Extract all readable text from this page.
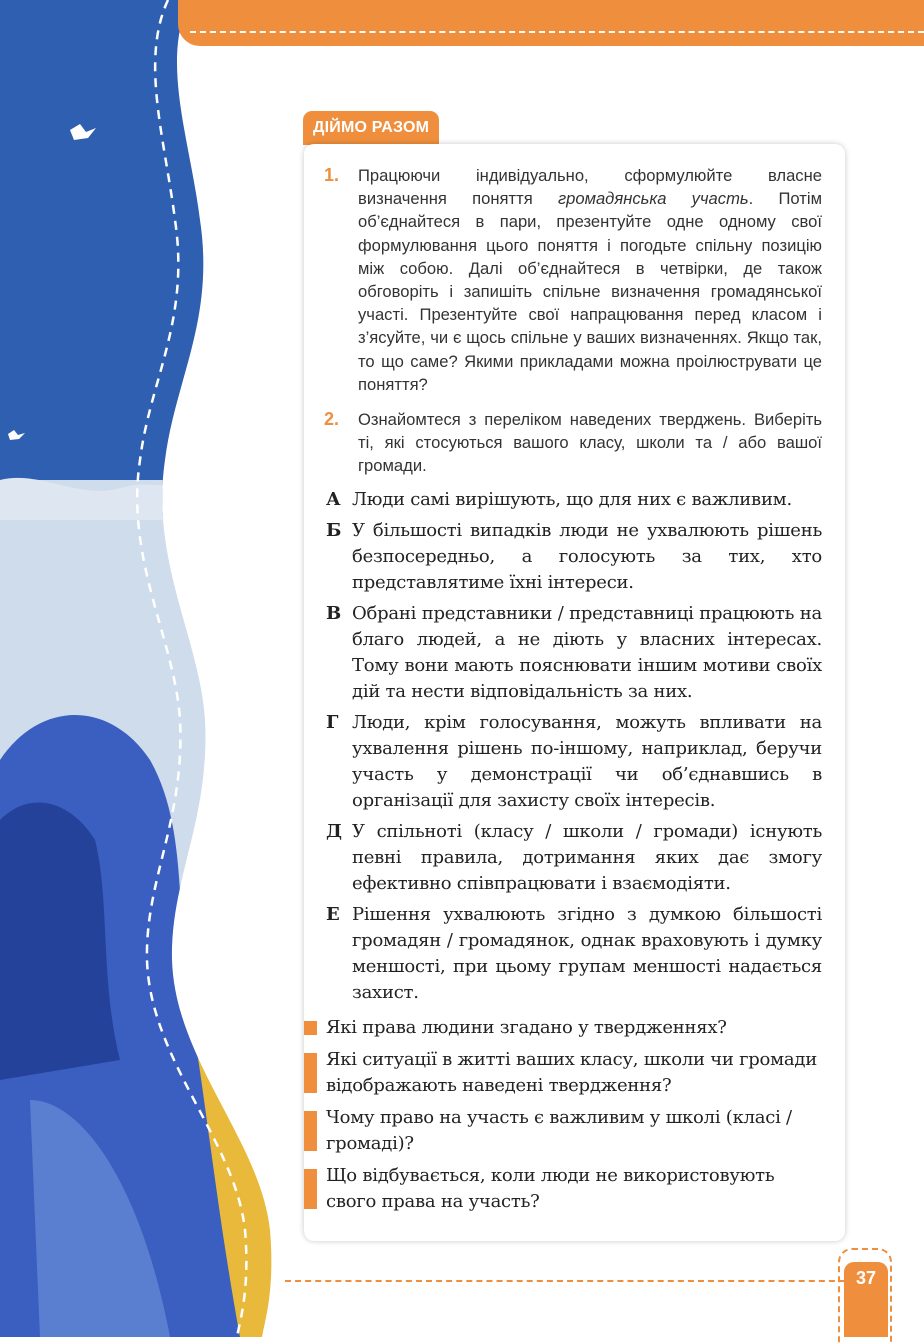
ДІЙМО РАЗОМ
1. Працюючи індивідуально, сформулюйте власне визначення поняття громадянська участь. Потім об’єднайтеся в пари, презентуйте одне одному свої формулювання цього поняття і погодьте спільну позицію між собою. Далі об’єднайтеся в четвірки, де також обговоріть і запишіть спільне визначення громадянської участі. Презентуйте свої напрацювання перед класом і з’ясуйте, чи є щось спільне у ваших визначеннях. Якщо так, то що саме? Якими прикладами можна проілюструвати це поняття?
2. Ознайомтеся з переліком наведених тверджень. Виберіть ті, які стосуються вашого класу, школи та / або вашої громади.
А Люди самі вирішують, що для них є важливим.
Б У більшості випадків люди не ухвалюють рішень безпосередньо, а голосують за тих, хто представлятиме їхні інтереси.
В Обрані представники / представниці працюють на благо людей, а не діють у власних інтересах. Тому вони мають пояснювати іншим мотиви своїх дій та нести відповідальність за них.
Г Люди, крім голосування, можуть впливати на ухвалення рішень по-іншому, наприклад, беручи участь у демонстрації чи об’єднавшись в організації для захисту своїх інтересів.
Д У спільноті (класу / школи / громади) існують певні правила, дотримання яких дає змогу ефективно співпрацювати і взаємодіяти.
Е Рішення ухвалюють згідно з думкою більшості громадян / громадянок, однак враховують і думку меншості, при цьому групам меншості надається захист.
Які права людини згадано у твердженнях?
Які ситуації в житті ваших класу, школи чи громади відображають наведені твердження?
Чому право на участь є важливим у школі (класі / громаді)?
Що відбувається, коли люди не використовують свого права на участь?
37
